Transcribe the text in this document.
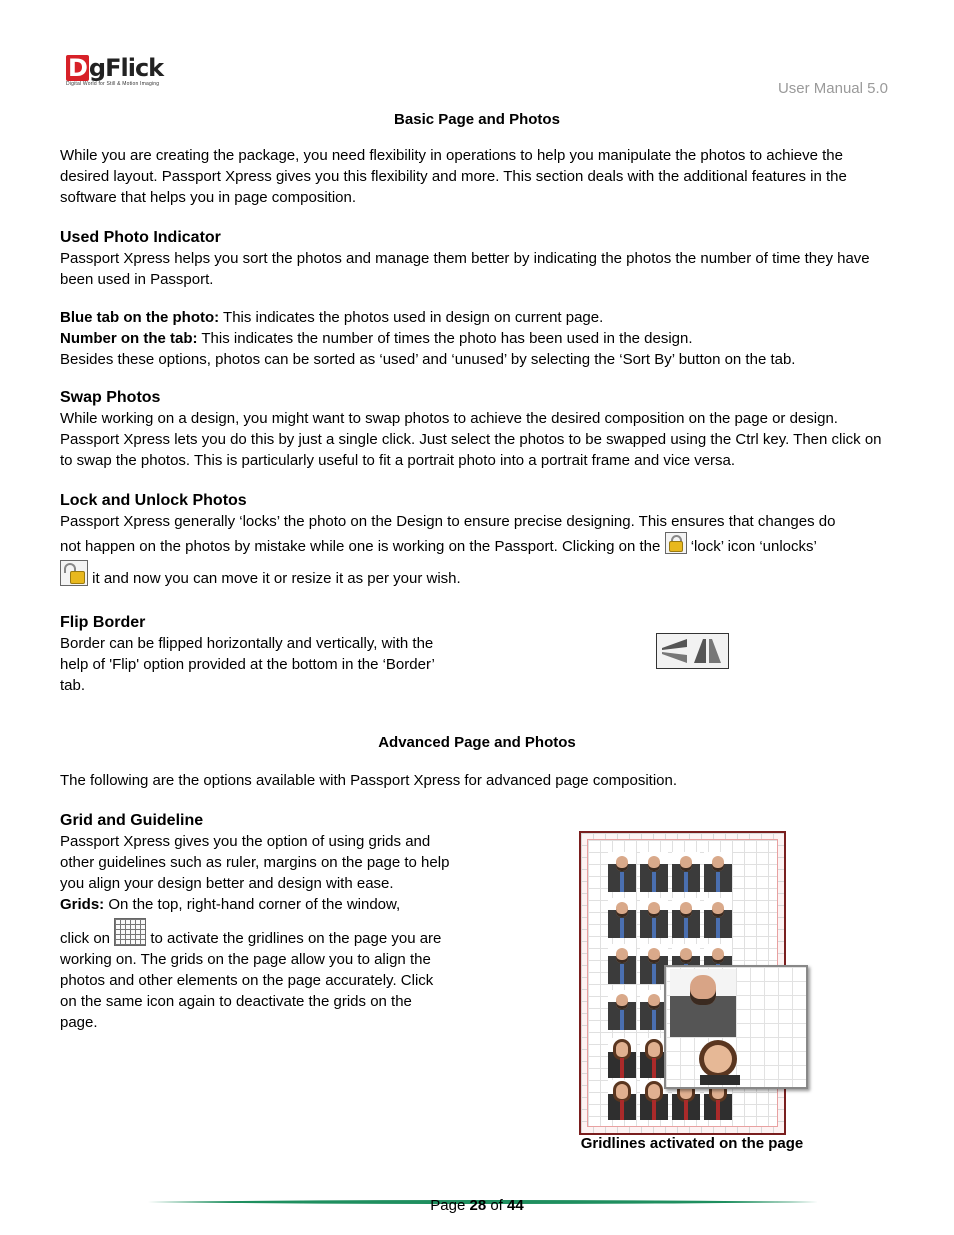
DgFlick
Digital World for Still & Motion Imaging	User Manual 5.0
Basic Page and Photos
While you are creating the package, you need flexibility in operations to help you manipulate the photos to achieve the desired layout. Passport Xpress gives you this flexibility and more. This section deals with the additional features in the software that helps you in page composition.
Used Photo Indicator
Passport Xpress helps you sort the photos and manage them better by indicating the photos the number of time they have been used in Passport.
Blue tab on the photo: This indicates the photos used in design on current page.
Number on the tab: This indicates the number of times the photo has been used in the design.
Besides these options, photos can be sorted as ‘used’ and ‘unused’ by selecting the ‘Sort By’ button on the tab.
Swap Photos
While working on a design, you might want to swap photos to achieve the desired composition on the page or design. Passport Xpress lets you do this by just a single click. Just select the photos to be swapped using the Ctrl key. Then click on to swap the photos. This is particularly useful to fit a portrait photo into a portrait frame and vice versa.
Lock and Unlock Photos
Passport Xpress generally ‘locks’ the photo on the Design to ensure precise designing. This ensures that changes do
not happen on the photos by mistake while one is working on the Passport. Clicking on the
‘lock’ icon ‘unlocks’
it and now you can move it or resize it as per your wish.
Flip Border
Border can be flipped horizontally and vertically, with the help of 'Flip' option provided at the bottom in the ‘Border’ tab.
Advanced Page and Photos
The following are the options available with Passport Xpress for advanced page composition.
Grid and Guideline
Passport Xpress gives you the option of using grids and other guidelines such as ruler, margins on the page to help you align your design better and design with ease.
Grids: On the top, right-hand corner of the window,
click on  to activate the gridlines on the page you are working on. The grids on the page allow you to align the photos and other elements on the page accurately. Click on the same icon again to deactivate the grids on the page.
Gridlines activated on the page
Page 28 of 44
